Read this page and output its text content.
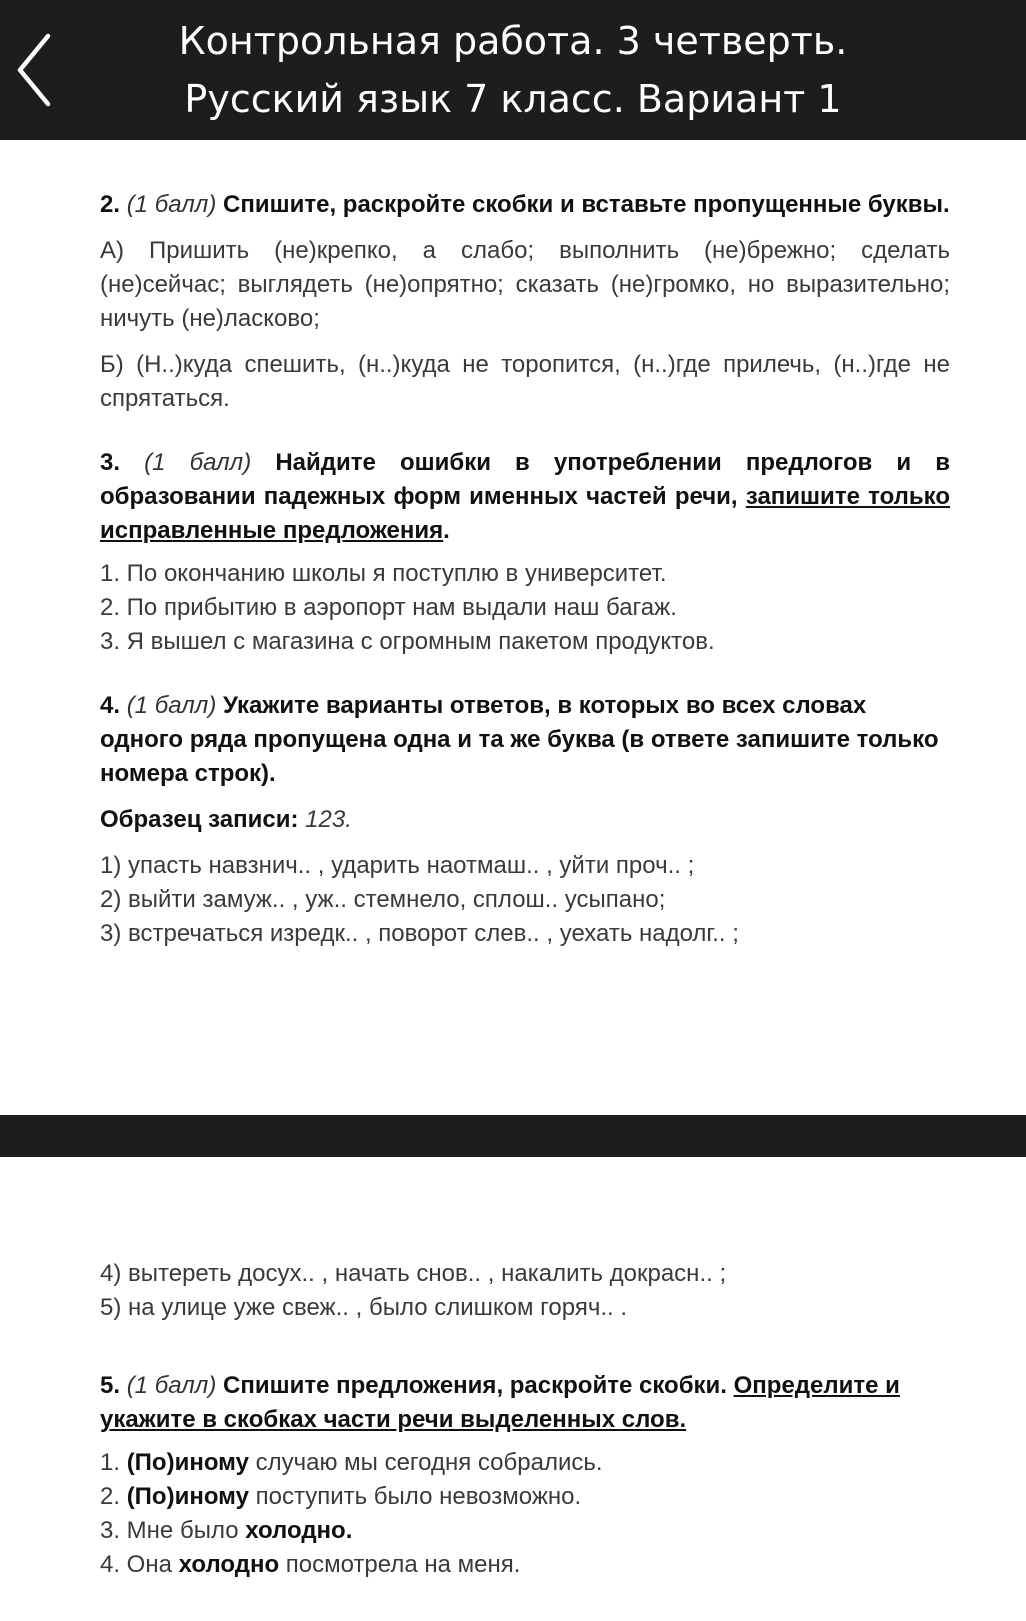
Контрольная работа. 3 четверть.
Русский язык 7 класс. Вариант 1

2. (1 балл) Спишите, раскройте скобки и вставьте пропущенные буквы.

А) Пришить (не)крепко, а слабо; выполнить (не)брежно; сделать (не)сейчас; выглядеть (не)опрятно; сказать (не)громко, но выразительно; ничуть (не)ласково;

Б) (Н..)куда спешить, (н..)куда не торопится, (н..)где прилечь, (н..)где не спрятаться.

3. (1 балл) Найдите ошибки в употреблении предлогов и в образовании падежных форм именных частей речи, запишите только исправленные предложения.

1. По окончанию школы я поступлю в университет.

2. По прибытию в аэропорт нам выдали наш багаж.

3. Я вышел с магазина с огромным пакетом продуктов.

4. (1 балл) Укажите варианты ответов, в которых во всех словах одного ряда пропущена одна и та же буква (в ответе запишите только номера строк).

Образец записи: 123.

1) упасть навзнич.. , ударить наотмаш.. , уйти проч.. ;

2) выйти замуж.. , уж.. стемнело, сплош.. усыпано;

3) встречаться изредк.. , поворот слев.. , уехать надолг.. ;

4) вытереть досух.. , начать снов.. , накалить докрасн.. ;

5) на улице уже свеж.. , было слишком горяч.. .

5. (1 балл) Спишите предложения, раскройте скобки. Определите и укажите в скобках части речи выделенных слов.

1. (По)иному случаю мы сегодня собрались.

2. (По)иному поступить было невозможно.

3. Мне было холодно.

4. Она холодно посмотрела на меня.
